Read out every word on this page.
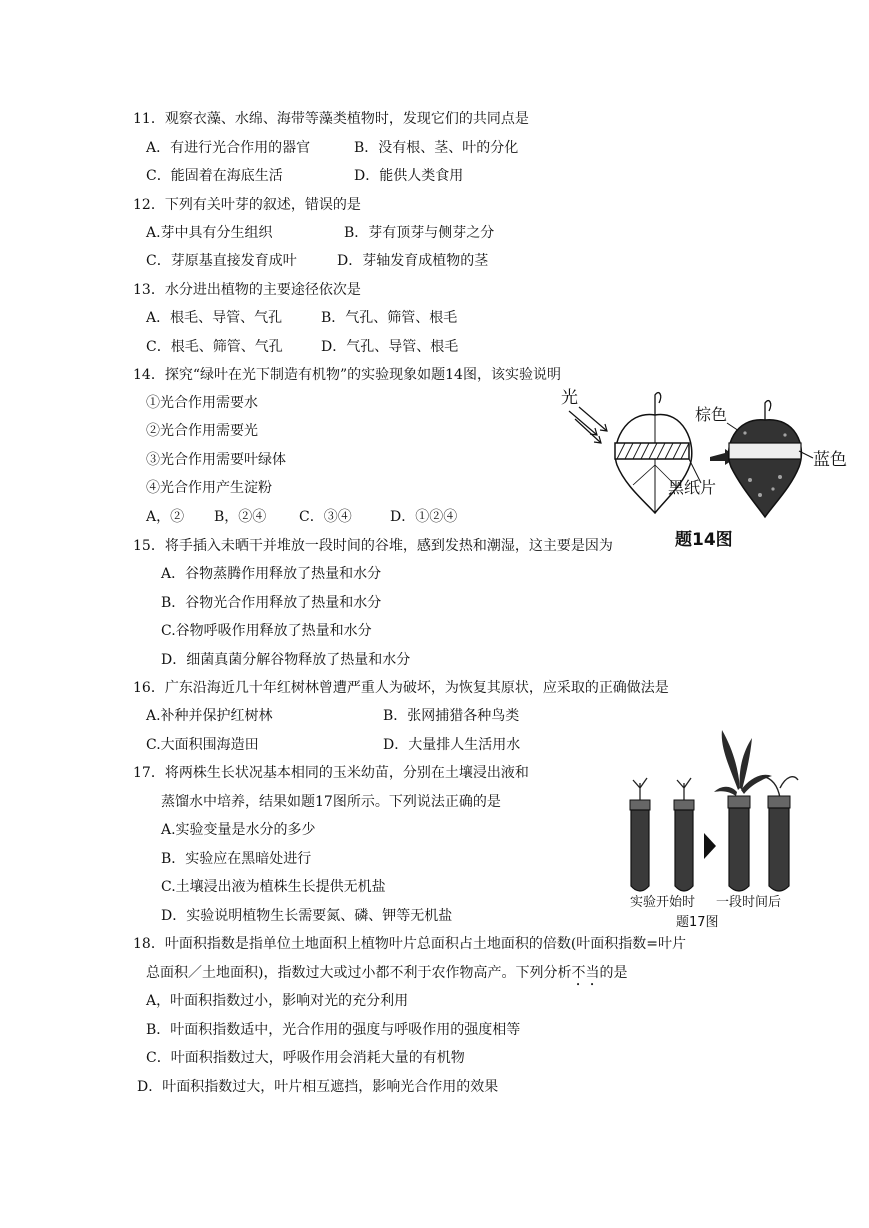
11．观察衣藻、水绵、海带等藻类植物时，发现它们的共同点是
A．有进行光合作用的器官	B．没有根、茎、叶的分化
C．能固着在海底生活	D．能供人类食用
12．下列有关叶芽的叙述，错误的是
A.芽中具有分生组织	B．芽有顶芽与侧芽之分
C．芽原基直接发育成叶	D．芽轴发育成植物的茎
13．水分进出植物的主要途径依次是
A．根毛、导管、气孔	B．气孔、筛管、根毛
C．根毛、筛管、气孔	D．气孔、导管、根毛
14．探究“绿叶在光下制造有机物”的实验现象如题14图，该实验说明
①光合作用需要水
②光合作用需要光
③光合作用需要叶绿体
④光合作用产生淀粉
A，② B，②④ C．③④	D．①②④
光
黑纸片
棕色
蓝色
题14图
15．将手插入未晒干并堆放一段时间的谷堆，感到发热和潮湿，这主要是因为
A．谷物蒸腾作用释放了热量和水分
B．谷物光合作用释放了热量和水分
C.谷物呼吸作用释放了热量和水分
D．细菌真菌分解谷物释放了热量和水分
16．广东沿海近几十年红树林曾遭严重人为破坏，为恢复其原状，应采取的正确做法是
A.补种并保护红树林	B．张网捕猎各种鸟类
C.大面积围海造田	D．大量排人生活用水
17．将两株生长状况基本相同的玉米幼苗，分别在土壤浸出液和
蒸馏水中培养，结果如题17图所示。下列说法正确的是
A.实验变量是水分的多少
B．实验应在黑暗处进行
C.土壤浸出液为植株生长提供无机盐
D．实验说明植物生长需要氮、磷、钾等无机盐
实验开始时 一段时间后
题17图
18．叶面积指数是指单位土地面积上植物叶片总面积占土地面积的倍数(叶面积指数=叶片
总面积／土地面积)，指数过大或过小都不利于农作物高产。下列分析不当的是
A，叶面积指数过小，影响对光的充分利用
B．叶面积指数适中，光合作用的强度与呼吸作用的强度相等
C．叶面积指数过大，呼吸作用会消耗大量的有机物
D．叶面积指数过大，叶片相互遮挡，影响光合作用的效果
